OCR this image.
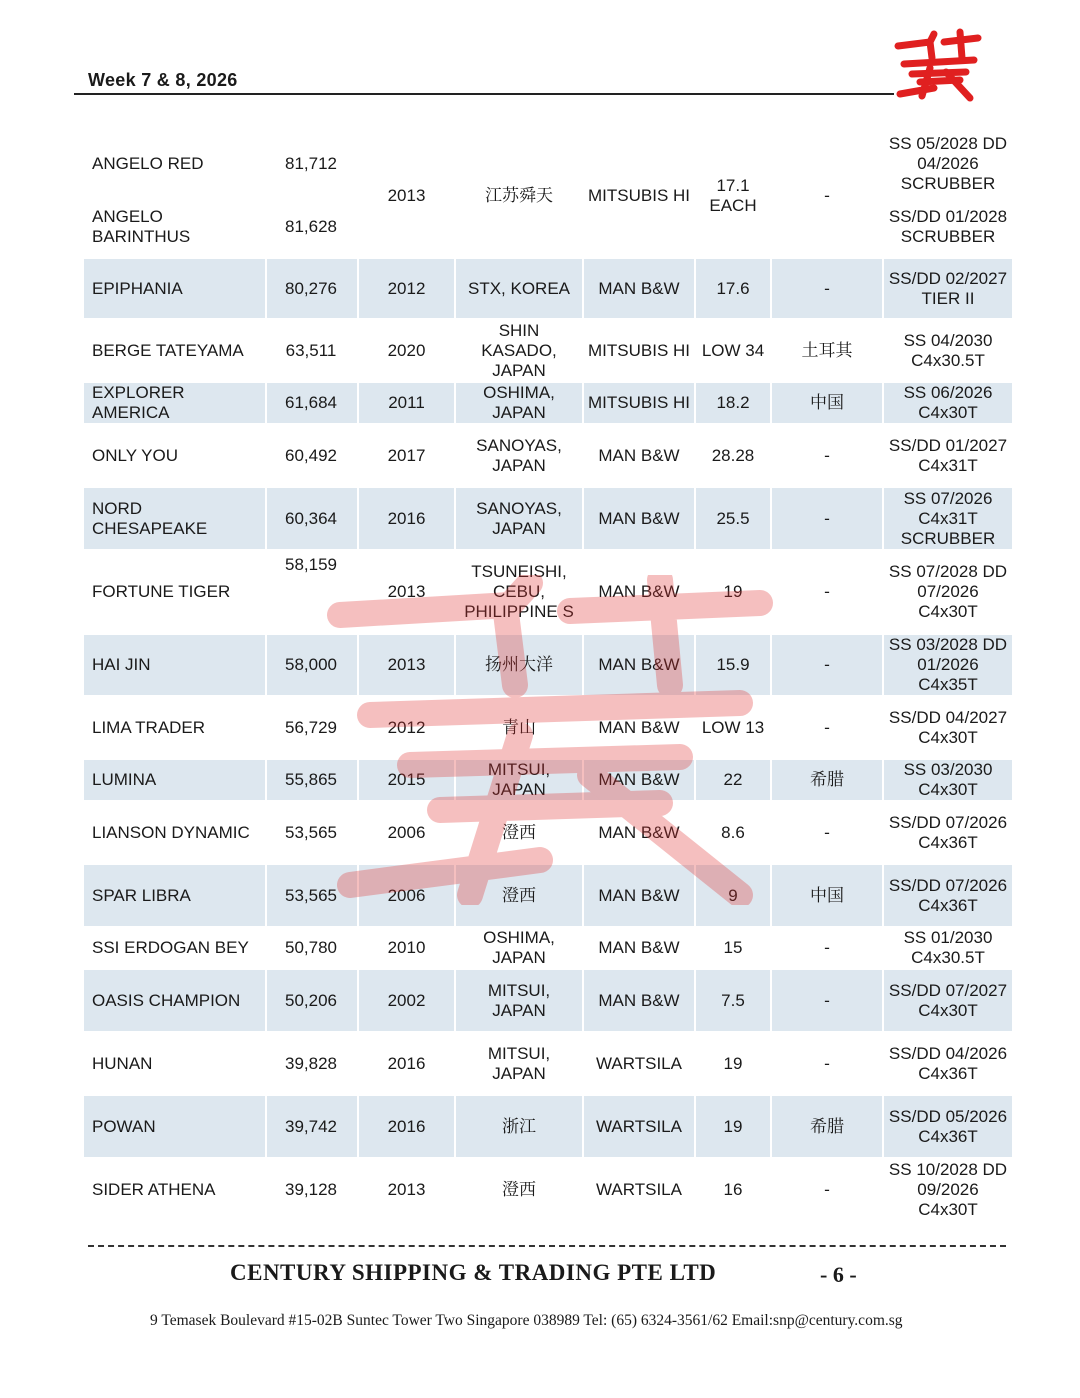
Week 7 & 8, 2026
ANGELO RED	81,712	2013	江苏舜天	MITSUBIS HI	17.1 EACH	-	SS 05/2028 DD 04/2026 SCRUBBER
ANGELO BARINTHUS	81,628						SS/DD 01/2028 SCRUBBER
EPIPHANIA	80,276	2012	STX, KOREA	MAN B&W	17.6	-	SS/DD 02/2027 TIER II
BERGE TATEYAMA	63,511	2020	SHIN KASADO, JAPAN	MITSUBIS HI	LOW 34	土耳其	SS 04/2030 C4x30.5T
EXPLORER AMERICA	61,684	2011	OSHIMA, JAPAN	MITSUBIS HI	18.2	中国	SS 06/2026 C4x30T
ONLY YOU	60,492	2017	SANOYAS, JAPAN	MAN B&W	28.28	-	SS/DD 01/2027 C4x31T
NORD CHESAPEAKE	60,364	2016	SANOYAS, JAPAN	MAN B&W	25.5	-	SS 07/2026 C4x31T SCRUBBER
FORTUNE TIGER	58,159	2013	TSUNEISHI, CEBU, PHILIPPINE S	MAN B&W	19	-	SS 07/2028 DD 07/2026 C4x30T
HAI JIN	58,000	2013	扬州大洋	MAN B&W	15.9	-	SS 03/2028 DD 01/2026 C4x35T
LIMA TRADER	56,729	2012	青山	MAN B&W	LOW 13	-	SS/DD 04/2027 C4x30T
LUMINA	55,865	2015	MITSUI, JAPAN	MAN B&W	22	希腊	SS 03/2030 C4x30T
LIANSON DYNAMIC	53,565	2006	澄西	MAN B&W	8.6	-	SS/DD 07/2026 C4x36T
SPAR LIBRA	53,565	2006	澄西	MAN B&W	9	中国	SS/DD 07/2026 C4x36T
SSI ERDOGAN BEY	50,780	2010	OSHIMA, JAPAN	MAN B&W	15	-	SS 01/2030 C4x30.5T
OASIS CHAMPION	50,206	2002	MITSUI, JAPAN	MAN B&W	7.5	-	SS/DD 07/2027 C4x30T
HUNAN	39,828	2016	MITSUI, JAPAN	WARTSILA	19	-	SS/DD 04/2026 C4x36T
POWAN	39,742	2016	浙江	WARTSILA	19	希腊	SS/DD 05/2026 C4x36T
SIDER ATHENA	39,128	2013	澄西	WARTSILA	16	-	SS 10/2028 DD 09/2026 C4x30T
CENTURY SHIPPING & TRADING PTE LTD	- 6 -
9 Temasek Boulevard #15-02B Suntec Tower Two Singapore 038989 Tel: (65) 6324-3561/62 Email:snp@century.com.sg
